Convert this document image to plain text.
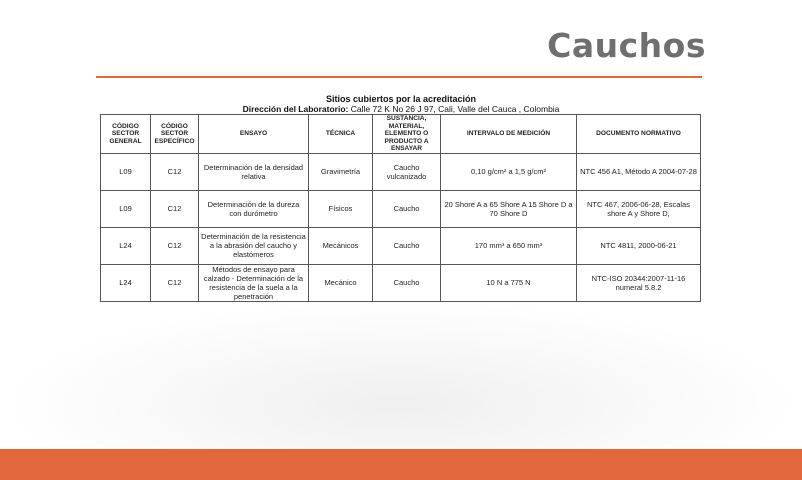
Cauchos
Sitios cubiertos por la acreditación
Dirección del Laboratorio: Calle 72 K No 26 J 97, Cali, Valle del Cauca , Colombia
CÓDIGO SECTOR GENERAL	CÓDIGO SECTOR ESPECÍFICO	ENSAYO	TÉCNICA	SUSTANCIA, MATERIAL, ELEMENTO O PRODUCTO A ENSAYAR	INTERVALO DE MEDICIÓN	DOCUMENTO NORMATIVO
L09	C12	Determinación de la densidad relativa	Gravimetría	Caucho vulcanizado	0,10 g/cm² a 1,5 g/cm²	NTC 456 A1, Método A 2004-07-28
L09	C12	Determinación de la dureza con durómetro	Físicos	Caucho	20 Shore A a 65 Shore A 15 Shore D a 70 Shore D	NTC 467, 2006-06-28, Escalas shore A y Shore D,
L24	C12	Determinación de la resistencia a la abrasión del caucho y elastómeros	Mecánicos	Caucho	170 mm³ a 650 mm³	NTC 4811, 2000-06-21
L24	C12	Métodos de ensayo para calzado - Determinación de la resistencia de la suela a la penetración	Mecánico	Caucho	10 N a 775 N	NTC-ISO 20344:2007-11-16 numeral 5.8.2
